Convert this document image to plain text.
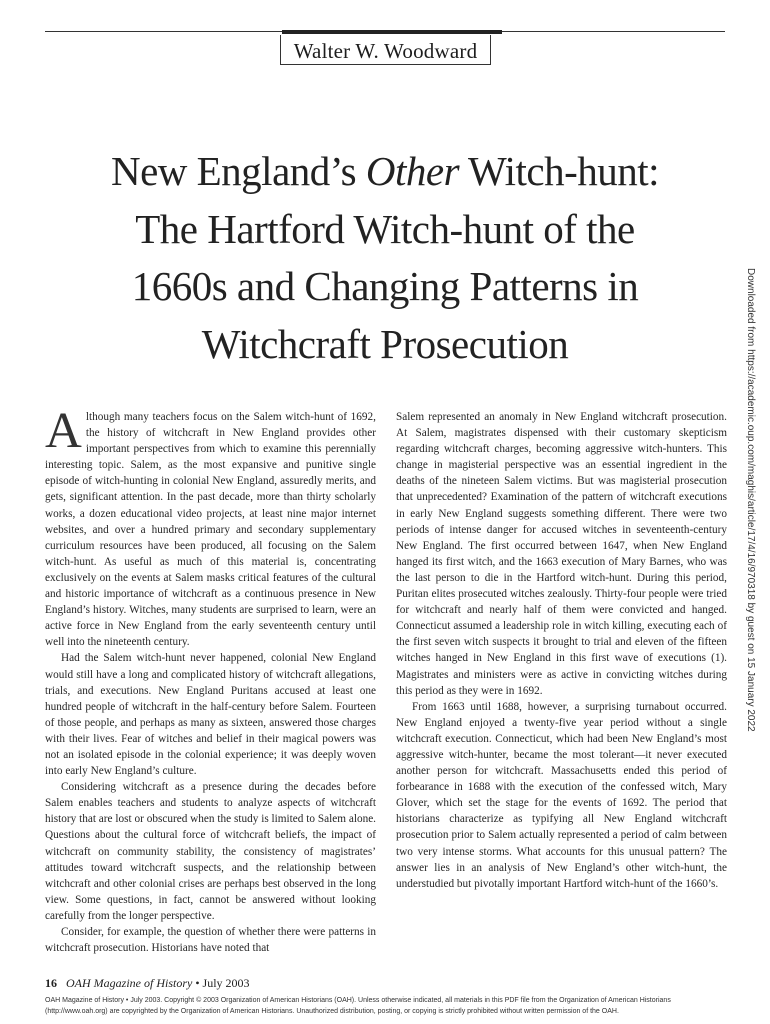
Walter W. Woodward
New England’s Other Witch-hunt:
The Hartford Witch-hunt of the
1660s and Changing Patterns in
Witchcraft Prosecution

Although many teachers focus on the Salem witch-hunt of 1692, the history of witchcraft in New England provides other important perspectives from which to examine this perennially interesting topic. Salem, as the most expansive and punitive single episode of witch-hunting in colonial New England, assuredly merits, and gets, significant attention. In the past decade, more than thirty scholarly works, a dozen educational video projects, at least nine major internet websites, and over a hundred primary and secondary supplementary curriculum resources have been produced, all focusing on the Salem witch-hunt. As useful as much of this material is, concentrating exclusively on the events at Salem masks critical features of the cultural and historic importance of witchcraft as a continuous presence in New England’s history. Witches, many students are surprised to learn, were an active force in New England from the early seventeenth century until well into the nineteenth century.

Had the Salem witch-hunt never happened, colonial New England would still have a long and complicated history of witchcraft allegations, trials, and executions. New England Puritans accused at least one hundred people of witchcraft in the half-century before Salem. Fourteen of those people, and perhaps as many as sixteen, answered those charges with their lives. Fear of witches and belief in their magical powers was not an isolated episode in the colonial experience; it was deeply woven into early New England’s culture.

Considering witchcraft as a presence during the decades before Salem enables teachers and students to analyze aspects of witchcraft history that are lost or obscured when the study is limited to Salem alone. Questions about the cultural force of witchcraft beliefs, the impact of witchcraft on community stability, the consistency of magistrates’ attitudes toward witchcraft suspects, and the relationship between witchcraft and other colonial crises are perhaps best observed in the long view. Some questions, in fact, cannot be answered without looking carefully from the longer perspective.

Consider, for example, the question of whether there were patterns in witchcraft prosecution. Historians have noted that

Salem represented an anomaly in New England witchcraft prosecution. At Salem, magistrates dispensed with their customary skepticism regarding witchcraft charges, becoming aggressive witch-hunters. This change in magisterial perspective was an essential ingredient in the deaths of the nineteen Salem victims. But was magisterial prosecution that unprecedented? Examination of the pattern of witchcraft executions in early New England suggests something different. There were two periods of intense danger for accused witches in seventeenth-century New England. The first occurred between 1647, when New England hanged its first witch, and the 1663 execution of Mary Barnes, who was the last person to die in the Hartford witch-hunt. During this period, Puritan elites prosecuted witches zealously. Thirty-four people were tried for witchcraft and nearly half of them were convicted and hanged. Connecticut assumed a leadership role in witch killing, executing each of the first seven witch suspects it brought to trial and eleven of the fifteen witches hanged in New England in this first wave of executions (1). Magistrates and ministers were as active in convicting witches during this period as they were in 1692.

From 1663 until 1688, however, a surprising turnabout occurred. New England enjoyed a twenty-five year period without a single witchcraft execution. Connecticut, which had been New England’s most aggressive witch-hunter, became the most tolerant—it never executed another person for witchcraft. Massachusetts ended this period of forbearance in 1688 with the execution of the confessed witch, Mary Glover, which set the stage for the events of 1692. The period that historians characterize as typifying all New England witchcraft prosecution prior to Salem actually represented a period of calm between two very intense storms. What accounts for this unusual pattern? The answer lies in an analysis of New England’s other witch-hunt, the understudied but pivotally important Hartford witch-hunt of the 1660’s.

Downloaded from https://academic.oup.com/maghis/article/17/4/16/970318 by guest on 15 January 2022
16 OAH Magazine of History • July 2003
OAH Magazine of History • July 2003. Copyright © 2003 Organization of American Historians (OAH). Unless otherwise indicated, all materials in this PDF file from the Organization of American Historians (http://www.oah.org) are copyrighted by the Organization of American Historians. Unauthorized distribution, posting, or copying is strictly prohibited without written permission of the OAH.
